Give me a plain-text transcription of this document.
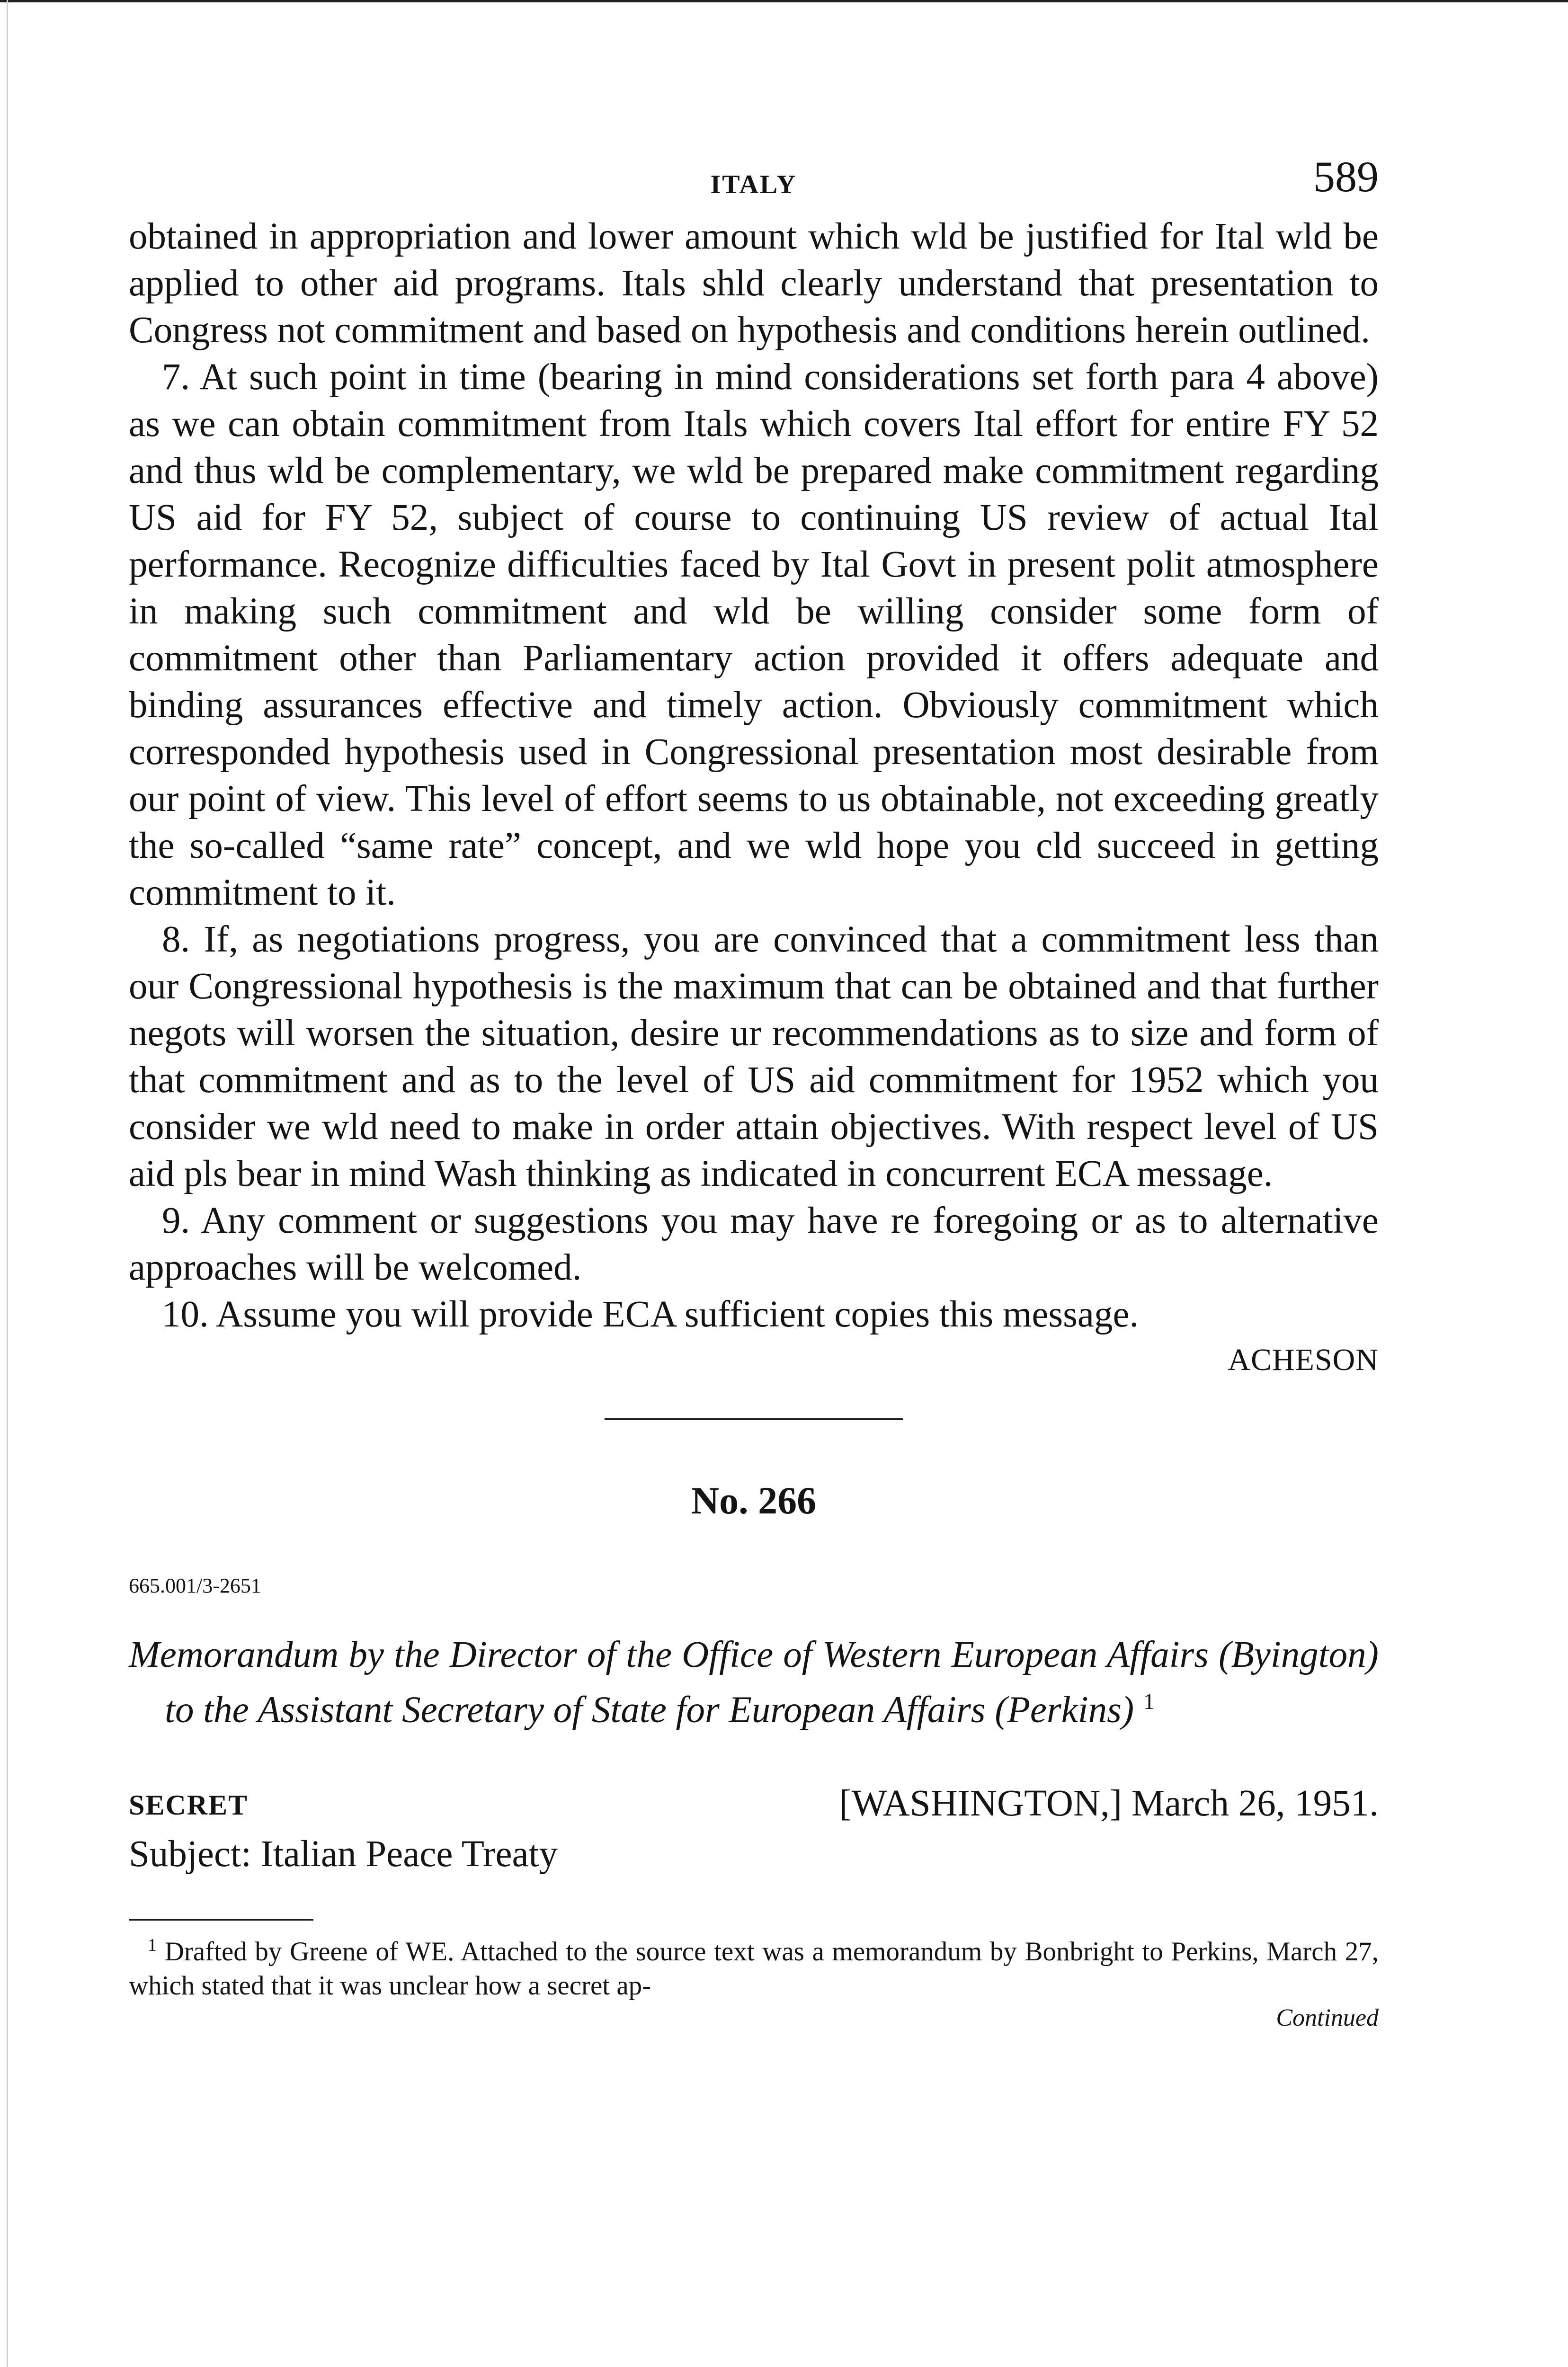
ITALY	589

obtained in appropriation and lower amount which wld be justified for Ital wld be applied to other aid programs. Itals shld clearly understand that presentation to Congress not commitment and based on hypothesis and conditions herein outlined.

7. At such point in time (bearing in mind considerations set forth para 4 above) as we can obtain commitment from Itals which covers Ital effort for entire FY 52 and thus wld be complementary, we wld be prepared make commitment regarding US aid for FY 52, subject of course to continuing US review of actual Ital performance. Recognize difficulties faced by Ital Govt in present polit atmosphere in making such commitment and wld be willing consider some form of commitment other than Parliamentary action provided it offers adequate and binding assurances effective and timely action. Obviously commitment which corresponded hypothesis used in Congressional presentation most desirable from our point of view. This level of effort seems to us obtainable, not exceeding greatly the so-called “same rate” concept, and we wld hope you cld succeed in getting commitment to it.

8. If, as negotiations progress, you are convinced that a commitment less than our Congressional hypothesis is the maximum that can be obtained and that further negots will worsen the situation, desire ur recommendations as to size and form of that commitment and as to the level of US aid commitment for 1952 which you consider we wld need to make in order attain objectives. With respect level of US aid pls bear in mind Wash thinking as indicated in concurrent ECA message.

9. Any comment or suggestions you may have re foregoing or as to alternative approaches will be welcomed.

10. Assume you will provide ECA sufficient copies this message.

ACHESON
No. 266
665.001/3-2651
Memorandum by the Director of the Office of Western European Affairs (Byington) to the Assistant Secretary of State for European Affairs (Perkins) $^1$
SECRET	[WASHINGTON,] March 26, 1951.
Subject: Italian Peace Treaty
$^1$ Drafted by Greene of WE. Attached to the source text was a memorandum by Bonbright to Perkins, March 27, which stated that it was unclear how a secret ap-
Continued
